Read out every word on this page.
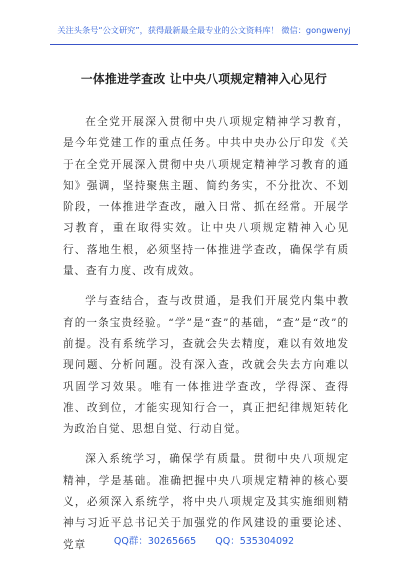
关注头条号“公文研究”，获得最新最全最专业的公文资料库！ 微信：gongwenyj
一体推进学查改 让中央八项规定精神入心见行

在全党开展深入贯彻中央八项规定精神学习教育，是今年党建工作的重点任务。中共中央办公厅印发《关于在全党开展深入贯彻中央八项规定精神学习教育的通知》强调，坚持聚焦主题、简约务实，不分批次、不划阶段，一体推进学查改，融入日常、抓在经常。开展学习教育，重在取得实效。让中央八项规定精神入心见行、落地生根，必须坚持一体推进学查改，确保学有质量、查有力度、改有成效。

学与查结合，查与改贯通，是我们开展党内集中教育的一条宝贵经验。“学”是“查”的基础，“查”是“改”的前提。没有系统学习，查就会失去精度，难以有效地发现问题、分析问题。没有深入查，改就会失去方向难以巩固学习效果。唯有一体推进学查改，学得深、查得准、改到位，才能实现知行合一，真正把纪律规矩转化为政治自觉、思想自觉、行动自觉。

深入系统学习，确保学有质量。贯彻中央八项规定精神，学是基础。准确把握中央八项规定精神的核心要义，必须深入系统学，将中央八项规定及其实施细则精神与习近平总书记关于加强党的作风建设的重要论述、党章	QQ群：30265665 QQ：535304092
